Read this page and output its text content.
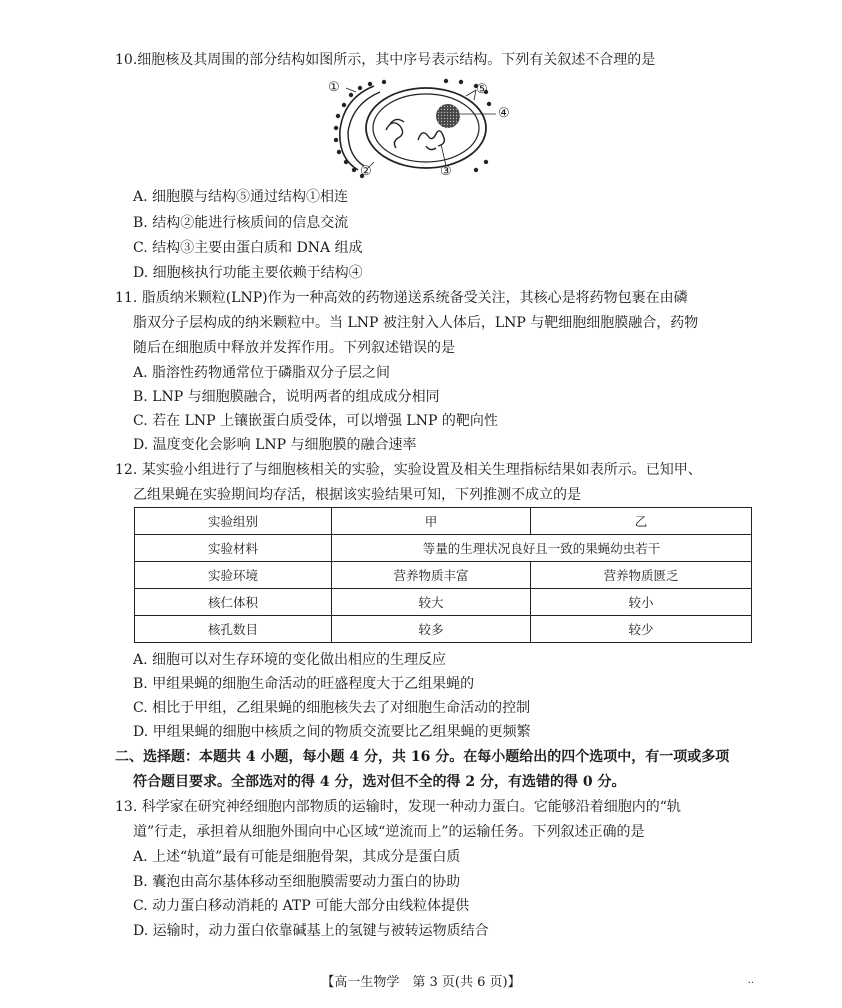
10.细胞核及其周围的部分结构如图所示，其中序号表示结构。下列有关叙述不合理的是
①
②	③
④
⑤
A. 细胞膜与结构⑤通过结构①相连
B. 结构②能进行核质间的信息交流
C. 结构③主要由蛋白质和 DNA 组成
D. 细胞核执行功能主要依赖于结构④
11. 脂质纳米颗粒(LNP)作为一种高效的药物递送系统备受关注，其核心是将药物包裹在由磷
脂双分子层构成的纳米颗粒中。当 LNP 被注射入人体后，LNP 与靶细胞细胞膜融合，药物
随后在细胞质中释放并发挥作用。下列叙述错误的是
A. 脂溶性药物通常位于磷脂双分子层之间
B. LNP 与细胞膜融合，说明两者的组成成分相同
C. 若在 LNP 上镶嵌蛋白质受体，可以增强 LNP 的靶向性
D. 温度变化会影响 LNP 与细胞膜的融合速率
12. 某实验小组进行了与细胞核相关的实验，实验设置及相关生理指标结果如表所示。已知甲、
乙组果蝇在实验期间均存活，根据该实验结果可知，下列推测不成立的是
实验组别	甲	乙
实验材料	等量的生理状况良好且一致的果蝇幼虫若干	
实验环境	营养物质丰富	营养物质匮乏
核仁体积	较大	较小
核孔数目	较多	较少
A. 细胞可以对生存环境的变化做出相应的生理反应
B. 甲组果蝇的细胞生命活动的旺盛程度大于乙组果蝇的
C. 相比于甲组，乙组果蝇的细胞核失去了对细胞生命活动的控制
D. 甲组果蝇的细胞中核质之间的物质交流要比乙组果蝇的更频繁
二、选择题：本题共 4 小题，每小题 4 分，共 16 分。在每小题给出的四个选项中，有一项或多项
符合题目要求。全部选对的得 4 分，选对但不全的得 2 分，有选错的得 0 分。
13. 科学家在研究神经细胞内部物质的运输时，发现一种动力蛋白。它能够沿着细胞内的“轨
道”行走，承担着从细胞外围向中心区域“逆流而上”的运输任务。下列叙述正确的是
A. 上述“轨道”最有可能是细胞骨架，其成分是蛋白质
B. 囊泡由高尔基体移动至细胞膜需要动力蛋白的协助
C. 动力蛋白移动消耗的 ATP 可能大部分由线粒体提供
D. 运输时，动力蛋白依靠碱基上的氢键与被转运物质结合
【高一生物学　第 3 页(共 6 页)】	..
